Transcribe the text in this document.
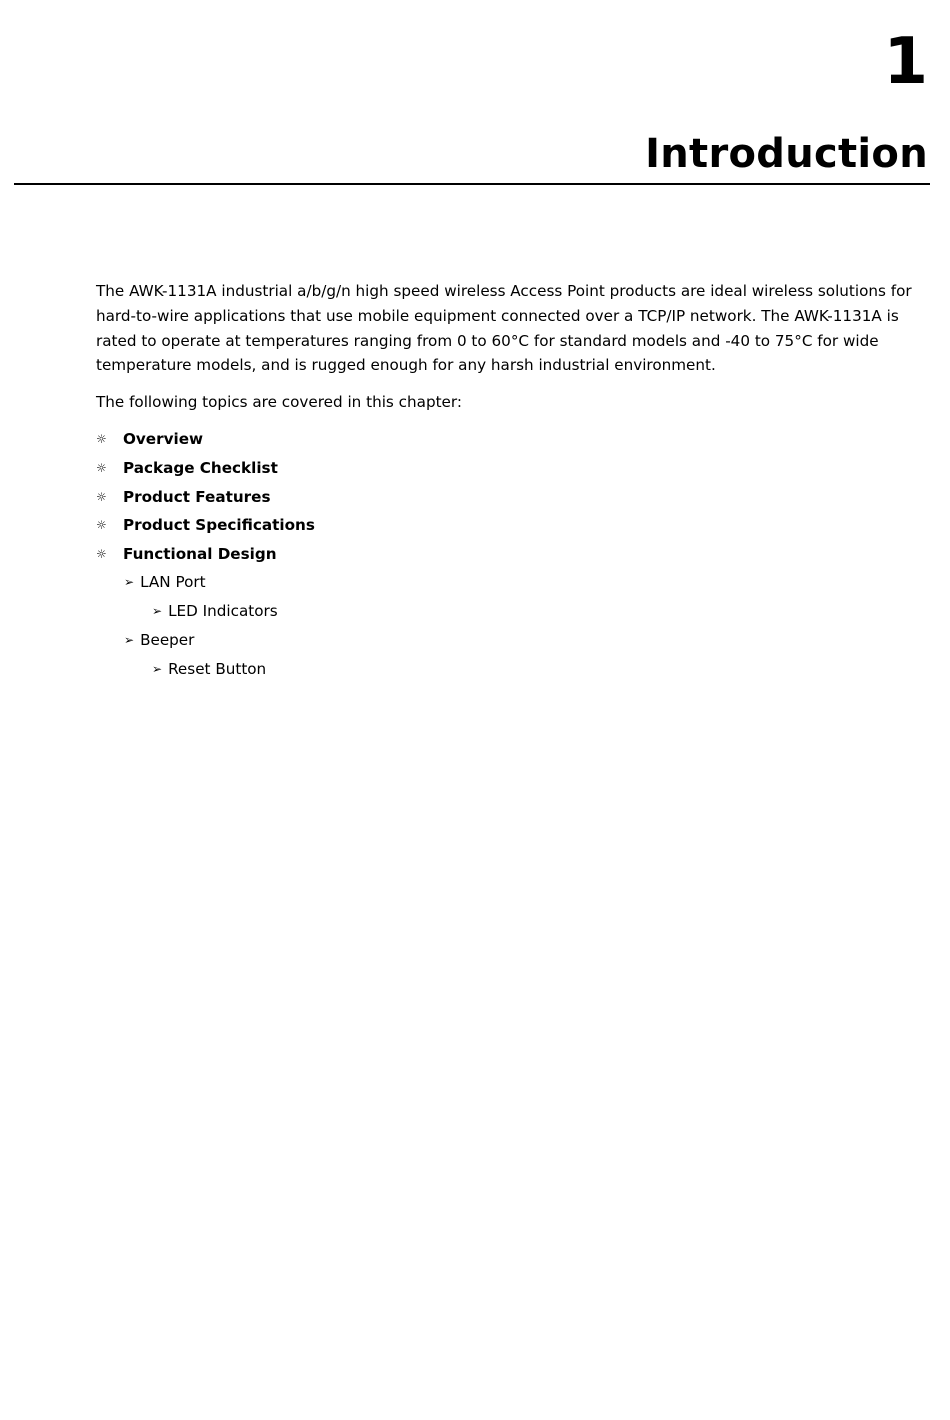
1
Introduction

The AWK-1131A industrial a/b/g/n high speed wireless Access Point products are ideal wireless solutions for hard-to-wire applications that use mobile equipment connected over a TCP/IP network. The AWK-1131A is rated to operate at temperatures ranging from 0 to 60°C for standard models and -40 to 75°C for wide temperature models, and is rugged enough for any harsh industrial environment.

The following topics are covered in this chapter:

☼ Overview
☼ Package Checklist
☼ Product Features
☼ Product Specifications
☼ Functional Design
➢ LAN Port
➢ LED Indicators
➢ Beeper
➢ Reset Button
